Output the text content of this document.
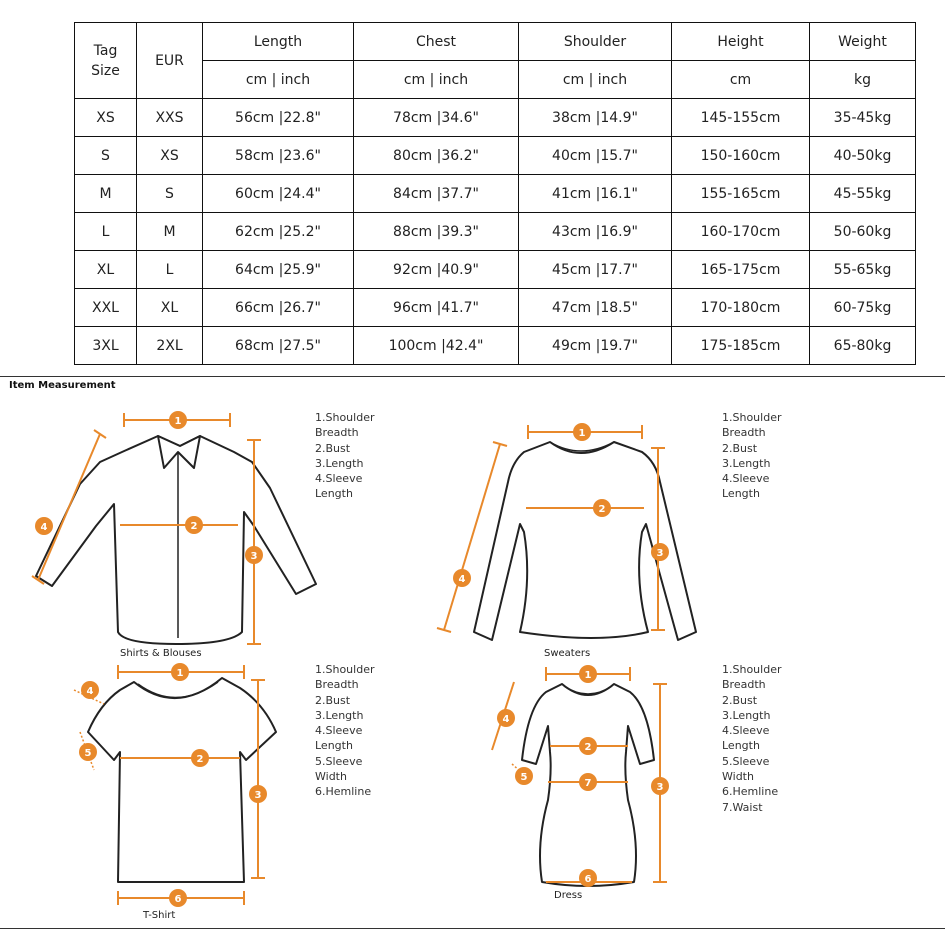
Tag Size	EUR	Length	Chest	Shoulder	Height	Weight
		cm | inch	cm | inch	cm | inch	cm	kg
XS	XXS	56cm |22.8"	78cm |34.6"	38cm |14.9"	145-155cm	35-45kg
S	XS	58cm |23.6"	80cm |36.2"	40cm |15.7"	150-160cm	40-50kg
M	S	60cm |24.4"	84cm |37.7"	41cm |16.1"	155-165cm	45-55kg
L	M	62cm |25.2"	88cm |39.3"	43cm |16.9"	160-170cm	50-60kg
XL	L	64cm |25.9"	92cm |40.9"	45cm |17.7"	165-175cm	55-65kg
XXL	XL	66cm |26.7"	96cm |41.7"	47cm |18.5"	170-180cm	60-75kg
3XL	2XL	68cm |27.5"	100cm |42.4"	49cm |19.7"	175-185cm	65-80kg
Item Measurement
1
2
3
4
Shirts & Blouses
1.Shoulder Breadth
2.Bust
3.Length
4.Sleeve Length
1
2
3
4
Sweaters
1.Shoulder Breadth
2.Bust
3.Length
4.Sleeve Length
1
2
3
4
5
6
T-Shirt
1.Shoulder Breadth
2.Bust
3.Length
4.Sleeve Length
5.Sleeve Width
6.Hemline
1
2
3
4
5
6
7
Dress
1.Shoulder Breadth
2.Bust
3.Length
4.Sleeve Length
5.Sleeve Width
6.Hemline
7.Waist
